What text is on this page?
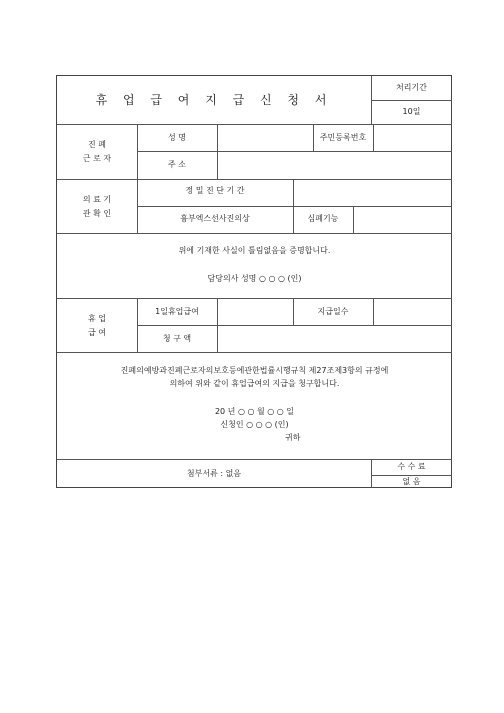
휴 업 급 여 지 급 신 청 서
처리기간
10일
진 폐
근 로 자
성 명	주민등록번호
주 소
의 료 기
관 확 인
정 밀 진 단 기 간
흉부엑스선사진의상	심폐기능
위에 기재한 사실이 틀림없음을 증명합니다.
담당의사 성명 ○ ○ ○ (인)
휴 업
급 여
1일휴업급여	지급일수
청 구 액
진폐의예방과진폐근로자의보호등에관한법률시행규칙 제27조제3항의 규정에
의하여 위와 같이 휴업급여의 지급을 청구합니다.
20 년 ○ ○ 월 ○ ○ 일
신청인 ○ ○ ○ (인)
귀하
첨부서류 : 없음
수 수 료
없 음
